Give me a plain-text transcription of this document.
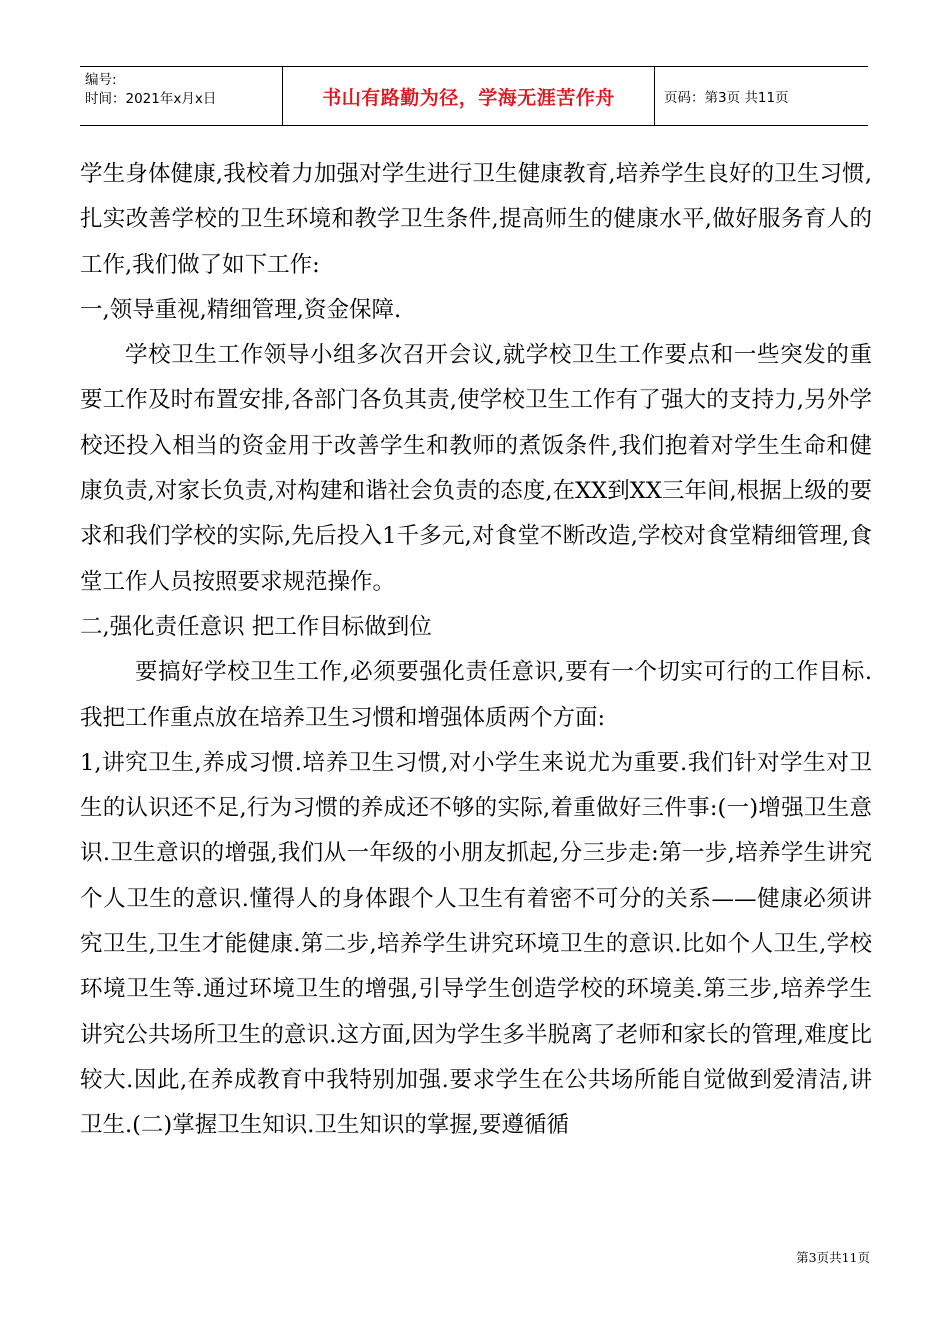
编号:
时间：2021年x月x日	书山有路勤为径，学海无涯苦作舟	页码：第3页 共11页

学生身体健康,我校着力加强对学生进行卫生健康教育,培养学生良好的卫生习惯,扎实改善学校的卫生环境和教学卫生条件,提高师生的健康水平,做好服务育人的工作,我们做了如下工作:

一,领导重视,精细管理,资金保障.

学校卫生工作领导小组多次召开会议,就学校卫生工作要点和一些突发的重要工作及时布置安排,各部门各负其责,使学校卫生工作有了强大的支持力,另外学校还投入相当的资金用于改善学生和教师的煮饭条件,我们抱着对学生生命和健康负责,对家长负责,对构建和谐社会负责的态度,在XX到XX三年间,根据上级的要求和我们学校的实际,先后投入1千多元,对食堂不断改造,学校对食堂精细管理,食堂工作人员按照要求规范操作。

二,强化责任意识 把工作目标做到位

要搞好学校卫生工作,必须要强化责任意识,要有一个切实可行的工作目标.我把工作重点放在培养卫生习惯和增强体质两个方面:

1,讲究卫生,养成习惯.培养卫生习惯,对小学生来说尤为重要.我们针对学生对卫生的认识还不足,行为习惯的养成还不够的实际,着重做好三件事:(一)增强卫生意识.卫生意识的增强,我们从一年级的小朋友抓起,分三步走:第一步,培养学生讲究个人卫生的意识.懂得人的身体跟个人卫生有着密不可分的关系——健康必须讲究卫生,卫生才能健康.第二步,培养学生讲究环境卫生的意识.比如个人卫生,学校环境卫生等.通过环境卫生的增强,引导学生创造学校的环境美.第三步,培养学生讲究公共场所卫生的意识.这方面,因为学生多半脱离了老师和家长的管理,难度比较大.因此,在养成教育中我特别加强.要求学生在公共场所能自觉做到爱清洁,讲卫生.(二)掌握卫生知识.卫生知识的掌握,要遵循循

第3页共11页
